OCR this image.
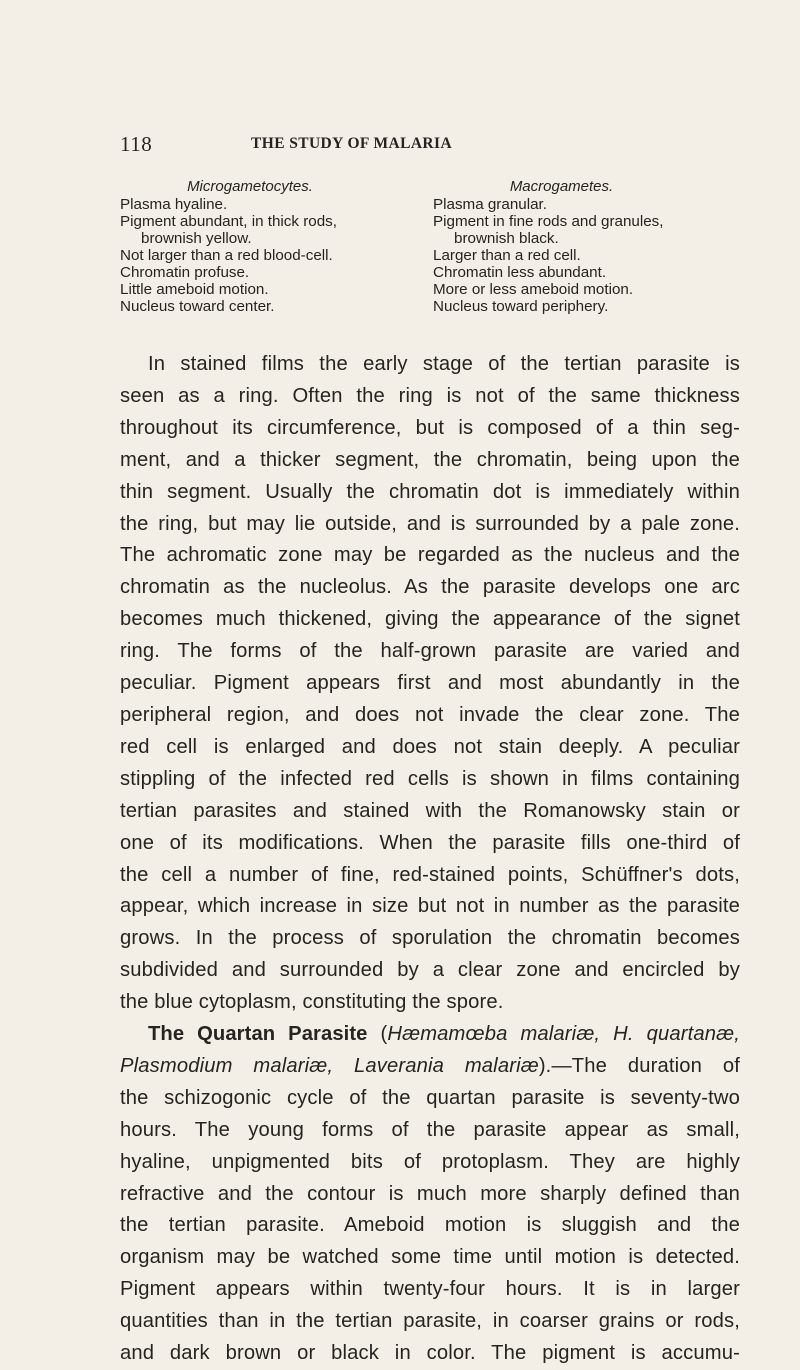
118	THE STUDY OF MALARIA
Microgametocytes.
Plasma hyaline.
Pigment abundant, in thick rods,
brownish yellow.
Not larger than a red blood-cell.
Chromatin profuse.
Little ameboid motion.
Nucleus toward center.
Macrogametes.
Plasma granular.
Pigment in fine rods and granules,
brownish black.
Larger than a red cell.
Chromatin less abundant.
More or less ameboid motion.
Nucleus toward periphery.
In stained films the early stage of the tertian parasite is
seen as a ring. Often the ring is not of the same thickness
throughout its circumference, but is composed of a thin seg-
ment, and a thicker segment, the chromatin, being upon the
thin segment. Usually the chromatin dot is immediately within
the ring, but may lie outside, and is surrounded by a pale zone.
The achromatic zone may be regarded as the nucleus and the
chromatin as the nucleolus. As the parasite develops one arc
becomes much thickened, giving the appearance of the signet
ring. The forms of the half-grown parasite are varied and
peculiar. Pigment appears first and most abundantly in the
peripheral region, and does not invade the clear zone. The
red cell is enlarged and does not stain deeply. A peculiar
stippling of the infected red cells is shown in films containing
tertian parasites and stained with the Romanowsky stain or
one of its modifications. When the parasite fills one-third of
the cell a number of fine, red-stained points, Schüffner's dots,
appear, which increase in size but not in number as the parasite
grows. In the process of sporulation the chromatin becomes
subdivided and surrounded by a clear zone and encircled by
the blue cytoplasm, constituting the spore.
The Quartan Parasite (Hæmamœba malariæ, H. quartanæ,
Plasmodium malariæ, Laverania malariæ).—The duration of
the schizogonic cycle of the quartan parasite is seventy-two
hours. The young forms of the parasite appear as small,
hyaline, unpigmented bits of protoplasm. They are highly
refractive and the contour is much more sharply defined than
the tertian parasite. Ameboid motion is sluggish and the
organism may be watched some time until motion is detected.
Pigment appears within twenty-four hours. It is in larger
quantities than in the tertian parasite, in coarser grains or rods,
and dark brown or black in color. The pigment is accumu-
